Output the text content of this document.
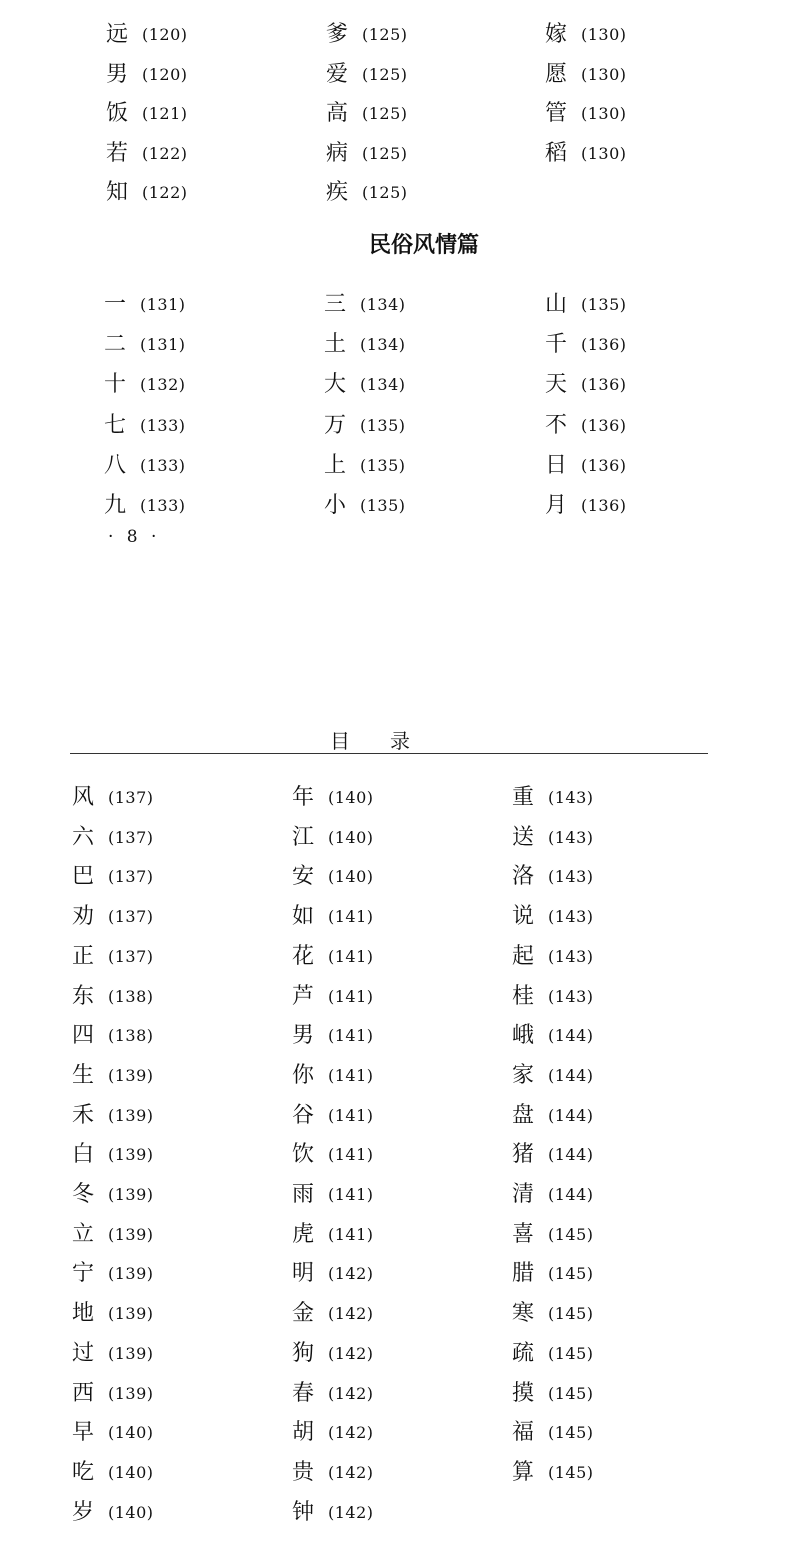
远 (120)
男 (120)
饭 (121)
若 (122)
知 (122)
爹 (125)
爱 (125)
高 (125)
病 (125)
疾 (125)
嫁 (130)
愿 (130)
管 (130)
稻 (130)
民俗风情篇
一 (131)
二 (131)
十 (132)
七 (133)
八 (133)
九 (133)
三 (134)
土 (134)
大 (134)
万 (135)
上 (135)
小 (135)
山 (135)
千 (136)
天 (136)
不 (136)
日 (136)
月 (136)
· 8 ·
目录
风 (137)
六 (137)
巴 (137)
劝 (137)
正 (137)
东 (138)
四 (138)
生 (139)
禾 (139)
白 (139)
冬 (139)
立 (139)
宁 (139)
地 (139)
过 (139)
西 (139)
早 (140)
吃 (140)
岁 (140)
年 (140)
江 (140)
安 (140)
如 (141)
花 (141)
芦 (141)
男 (141)
你 (141)
谷 (141)
饮 (141)
雨 (141)
虎 (141)
明 (142)
金 (142)
狗 (142)
春 (142)
胡 (142)
贵 (142)
钟 (142)
重 (143)
送 (143)
洛 (143)
说 (143)
起 (143)
桂 (143)
峨 (144)
家 (144)
盘 (144)
猪 (144)
清 (144)
喜 (145)
腊 (145)
寒 (145)
疏 (145)
摸 (145)
福 (145)
算 (145)
